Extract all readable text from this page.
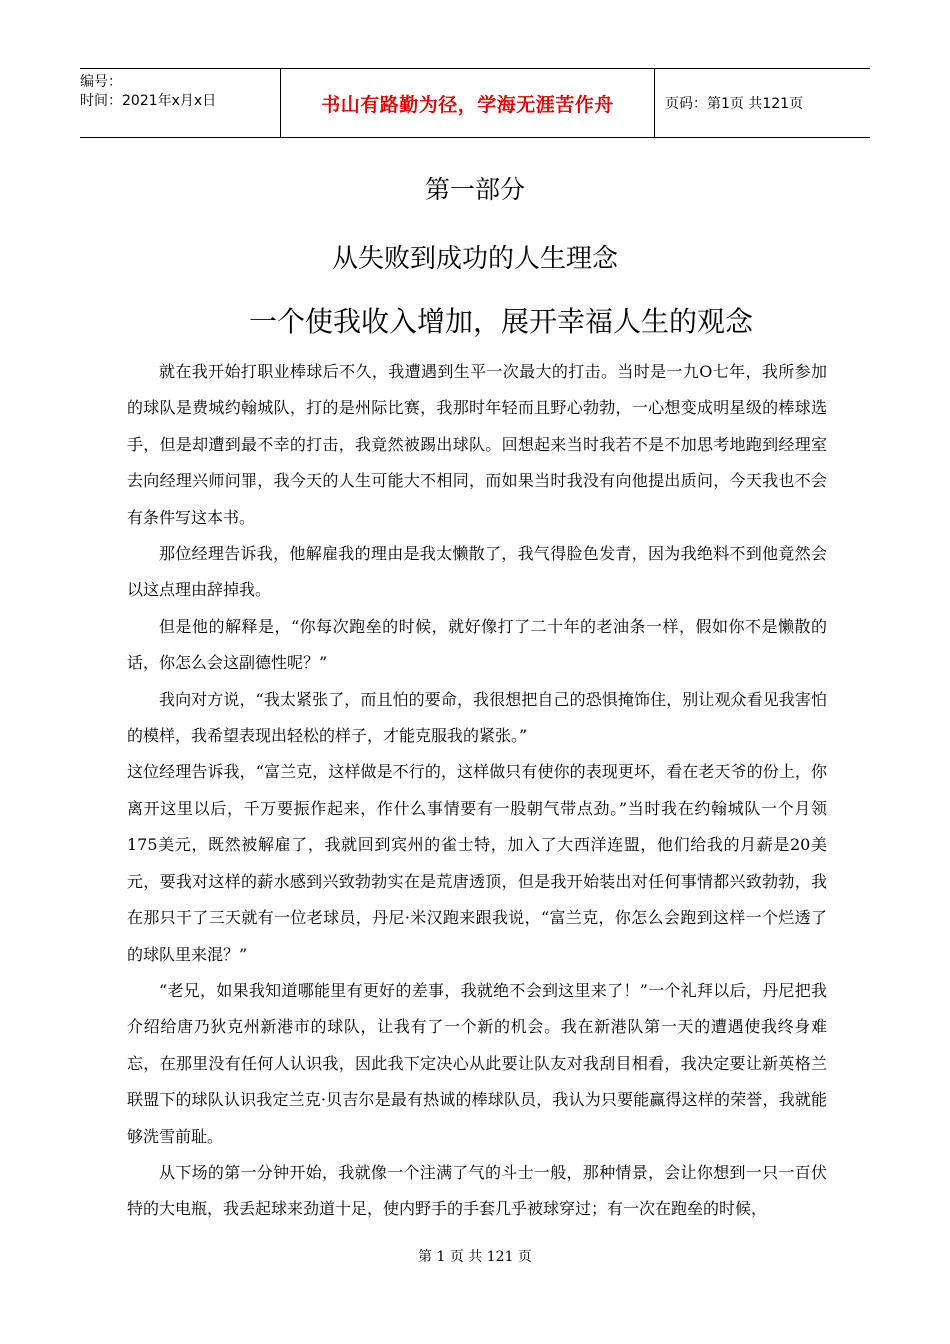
编号：
时间：2021年x月x日	书山有路勤为径，学海无涯苦作舟	页码：第1页 共121页
第一部分
从失败到成功的人生理念
一个使我收入增加，展开幸福人生的观念

就在我开始打职业棒球后不久，我遭遇到生平一次最大的打击。当时是一九O七年，我所参加的球队是费城约翰城队，打的是州际比赛，我那时年轻而且野心勃勃，一心想变成明星级的棒球选手，但是却遭到最不幸的打击，我竟然被踢出球队。回想起来当时我若不是不加思考地跑到经理室去向经理兴师问罪，我今天的人生可能大不相同，而如果当时我没有向他提出质问，今天我也不会有条件写这本书。

那位经理告诉我，他解雇我的理由是我太懒散了，我气得脸色发青，因为我绝料不到他竟然会以这点理由辞掉我。

但是他的解释是，“你每次跑垒的时候，就好像打了二十年的老油条一样，假如你不是懒散的话，你怎么会这副德性呢？”

我向对方说，“我太紧张了，而且怕的要命，我很想把自己的恐惧掩饰住，别让观众看见我害怕的模样，我希望表现出轻松的样子，才能克服我的紧张。”

这位经理告诉我，“富兰克，这样做是不行的，这样做只有使你的表现更坏，看在老天爷的份上，你离开这里以后，千万要振作起来，作什么事情要有一股朝气带点劲。”当时我在约翰城队一个月领175美元，既然被解雇了，我就回到宾州的雀士特，加入了大西洋连盟，他们给我的月薪是20美元，要我对这样的薪水感到兴致勃勃实在是荒唐透顶，但是我开始装出对任何事情都兴致勃勃，我在那只干了三天就有一位老球员，丹尼·米汉跑来跟我说，“富兰克，你怎么会跑到这样一个烂透了的球队里来混？”

“老兄，如果我知道哪能里有更好的差事，我就绝不会到这里来了！”一个礼拜以后，丹尼把我介绍给唐乃狄克州新港市的球队，让我有了一个新的机会。我在新港队第一天的遭遇使我终身难忘，在那里没有任何人认识我，因此我下定决心从此要让队友对我刮目相看，我决定要让新英格兰联盟下的球队认识我定兰克·贝吉尔是最有热诚的棒球队员，我认为只要能赢得这样的荣誉，我就能够洗雪前耻。

从下场的第一分钟开始，我就像一个注满了气的斗士一般，那种情景，会让你想到一只一百伏特的大电瓶，我丢起球来劲道十足，使内野手的手套几乎被球穿过；有一次在跑垒的时候，

第 1 页 共 121 页
